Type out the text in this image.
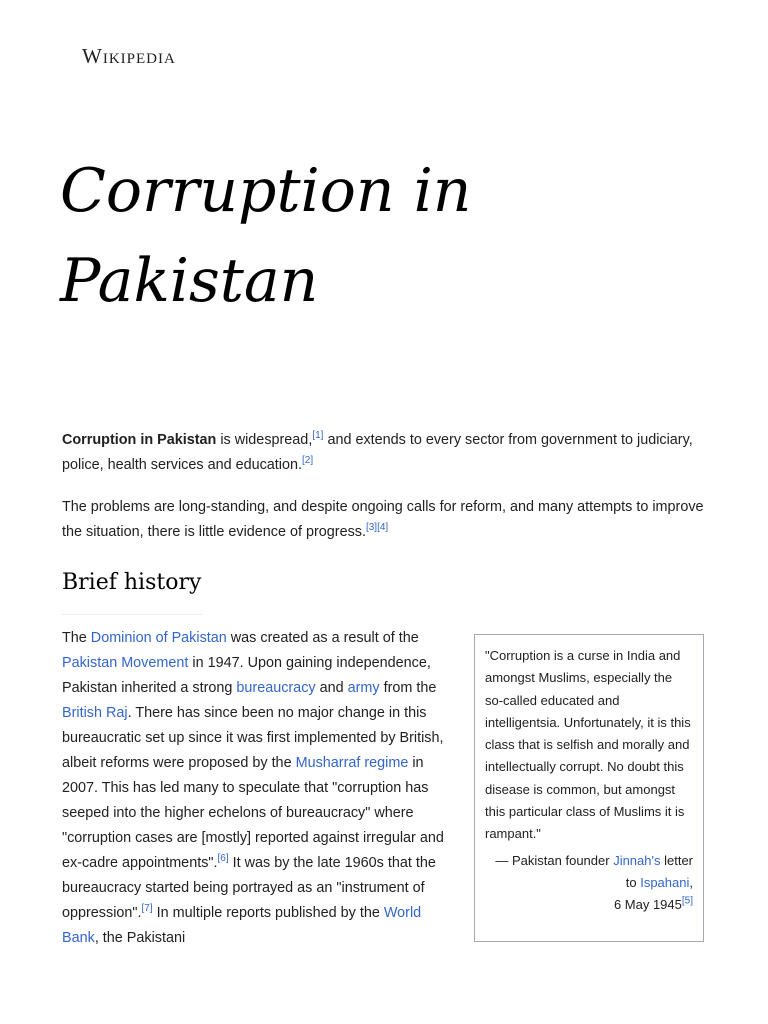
Wikipedia
Corruption in Pakistan

Corruption in Pakistan is widespread,[1] and extends to every sector from government to judiciary, police, health services and education.[2]

The problems are long-standing, and despite ongoing calls for reform, and many attempts to improve the situation, there is little evidence of progress.[3][4]

Brief history

The Dominion of Pakistan was created as a result of the Pakistan Movement in 1947. Upon gaining independence, Pakistan inherited a strong bureaucracy and army from the British Raj. There has since been no major change in this bureaucratic set up since it was first implemented by British, albeit reforms were proposed by the Musharraf regime in 2007. This has led many to speculate that "corruption has seeped into the higher echelons of bureaucracy" where "corruption cases are [mostly] reported against irregular and ex-cadre appointments".[6] It was by the late 1960s that the bureaucracy started being portrayed as an "instrument of oppression".[7] In multiple reports published by the World Bank, the Pakistani

"Corruption is a curse in India and amongst Muslims, especially the so-called educated and intelligentsia. Unfortunately, it is this class that is selfish and morally and intellectually corrupt. No doubt this disease is common, but amongst this particular class of Muslims it is rampant."

— Pakistan founder Jinnah's letter to Ispahani,
6 May 1945[5]
